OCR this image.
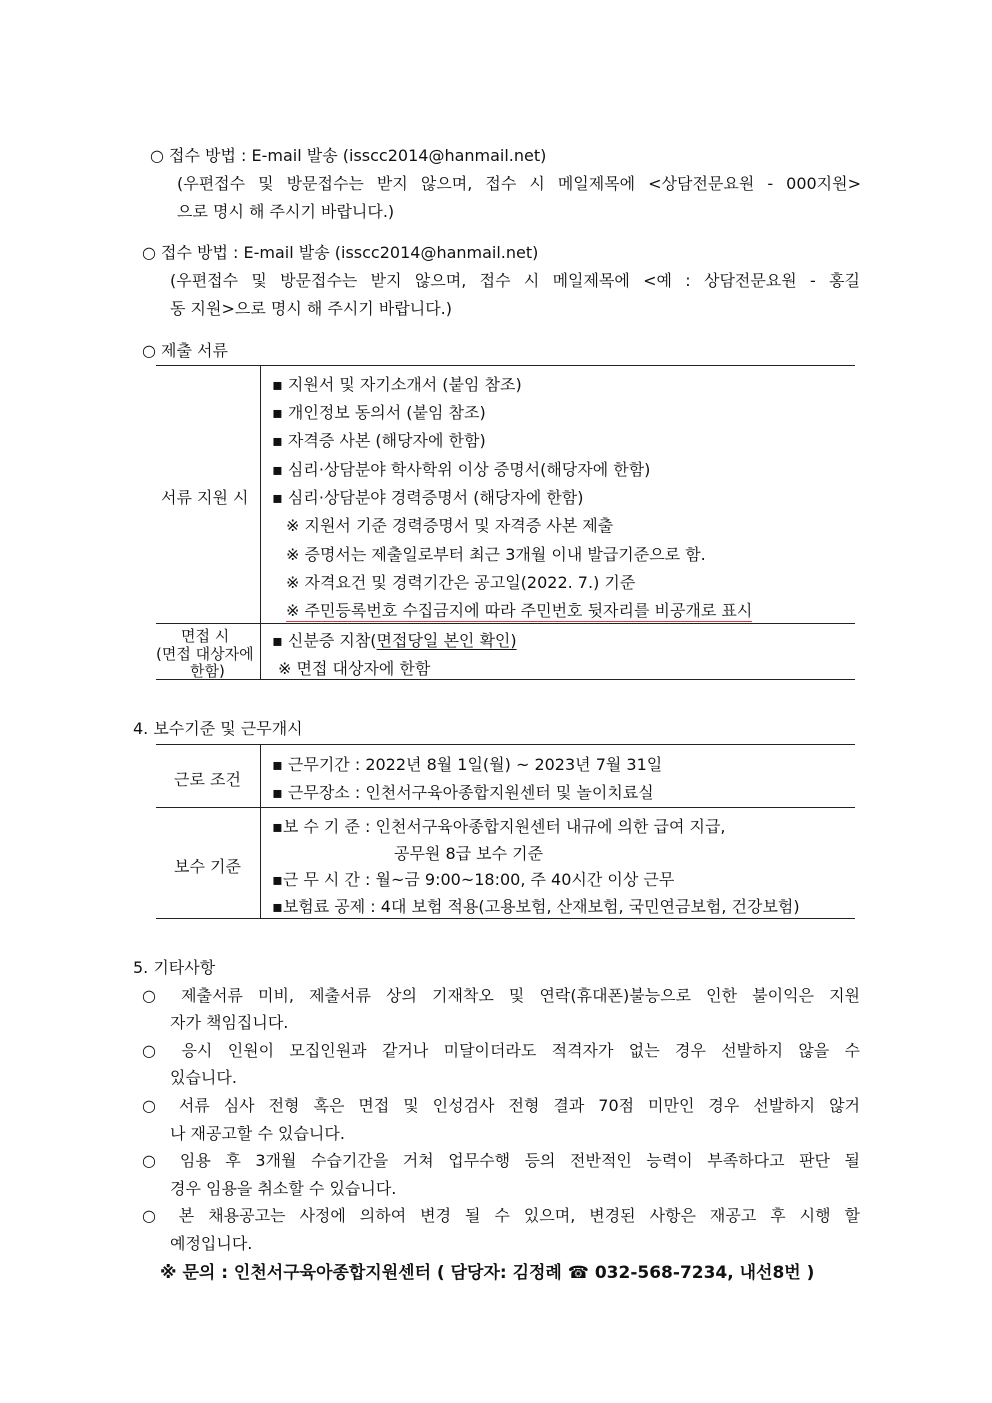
○ 접수 방법 : E-mail 발송 (isscc2014@hanmail.net)
(우편접수 및 방문접수는 받지 않으며, 접수 시 메일제목에 <상담전문요원 - 000지원>
으로 명시 해 주시기 바랍니다.)
○ 접수 방법 : E-mail 발송 (isscc2014@hanmail.net)
(우편접수 및 방문접수는 받지 않으며, 접수 시 메일제목에 <예 : 상담전문요원 - 홍길
동 지원>으로 명시 해 주시기 바랍니다.)
○ 제출 서류
서류 지원 시
▪ 지원서 및 자기소개서 (붙임 참조)
▪ 개인정보 동의서 (붙임 참조)
▪ 자격증 사본 (해당자에 한함)
▪ 심리·상담분야 학사학위 이상 증명서(해당자에 한함)
▪ 심리·상담분야 경력증명서 (해당자에 한함)
※ 지원서 기준 경력증명서 및 자격증 사본 제출
※ 증명서는 제출일로부터 최근 3개월 이내 발급기준으로 함.
※ 자격요건 및 경력기간은 공고일(2022. 7.) 기준
※ 주민등록번호 수집금지에 따라 주민번호 뒷자리를 비공개로 표시
면접 시
(면접 대상자에
한함)
▪ 신분증 지참(면접당일 본인 확인)
※ 면접 대상자에 한함
4. 보수기준 및 근무개시
근로 조건
▪ 근무기간 : 2022년 8월 1일(월) ~ 2023년 7월 31일
▪ 근무장소 : 인천서구육아종합지원센터 및 놀이치료실
보수 기준
▪보 수 기 준 : 인천서구육아종합지원센터 내규에 의한 급여 지급,
공무원 8급 보수 기준
▪근 무 시 간 : 월~금 9:00~18:00, 주 40시간 이상 근무
▪보험료 공제 : 4대 보험 적용(고용보험, 산재보험, 국민연금보험, 건강보험)
5. 기타사항
○ 제출서류 미비, 제출서류 상의 기재착오 및 연락(휴대폰)불능으로 인한 불이익은 지원
자가 책임집니다.
○ 응시 인원이 모집인원과 같거나 미달이더라도 적격자가 없는 경우 선발하지 않을 수
있습니다.
○ 서류 심사 전형 혹은 면접 및 인성검사 전형 결과 70점 미만인 경우 선발하지 않거
나 재공고할 수 있습니다.
○ 임용 후 3개월 수습기간을 거쳐 업무수행 등의 전반적인 능력이 부족하다고 판단 될
경우 임용을 취소할 수 있습니다.
○ 본 채용공고는 사정에 의하여 변경 될 수 있으며, 변경된 사항은 재공고 후 시행 할
예정입니다.
※ 문의 : 인천서구육아종합지원센터 ( 담당자: 김정례 ☎ 032-568-7234, 내선8번 )
